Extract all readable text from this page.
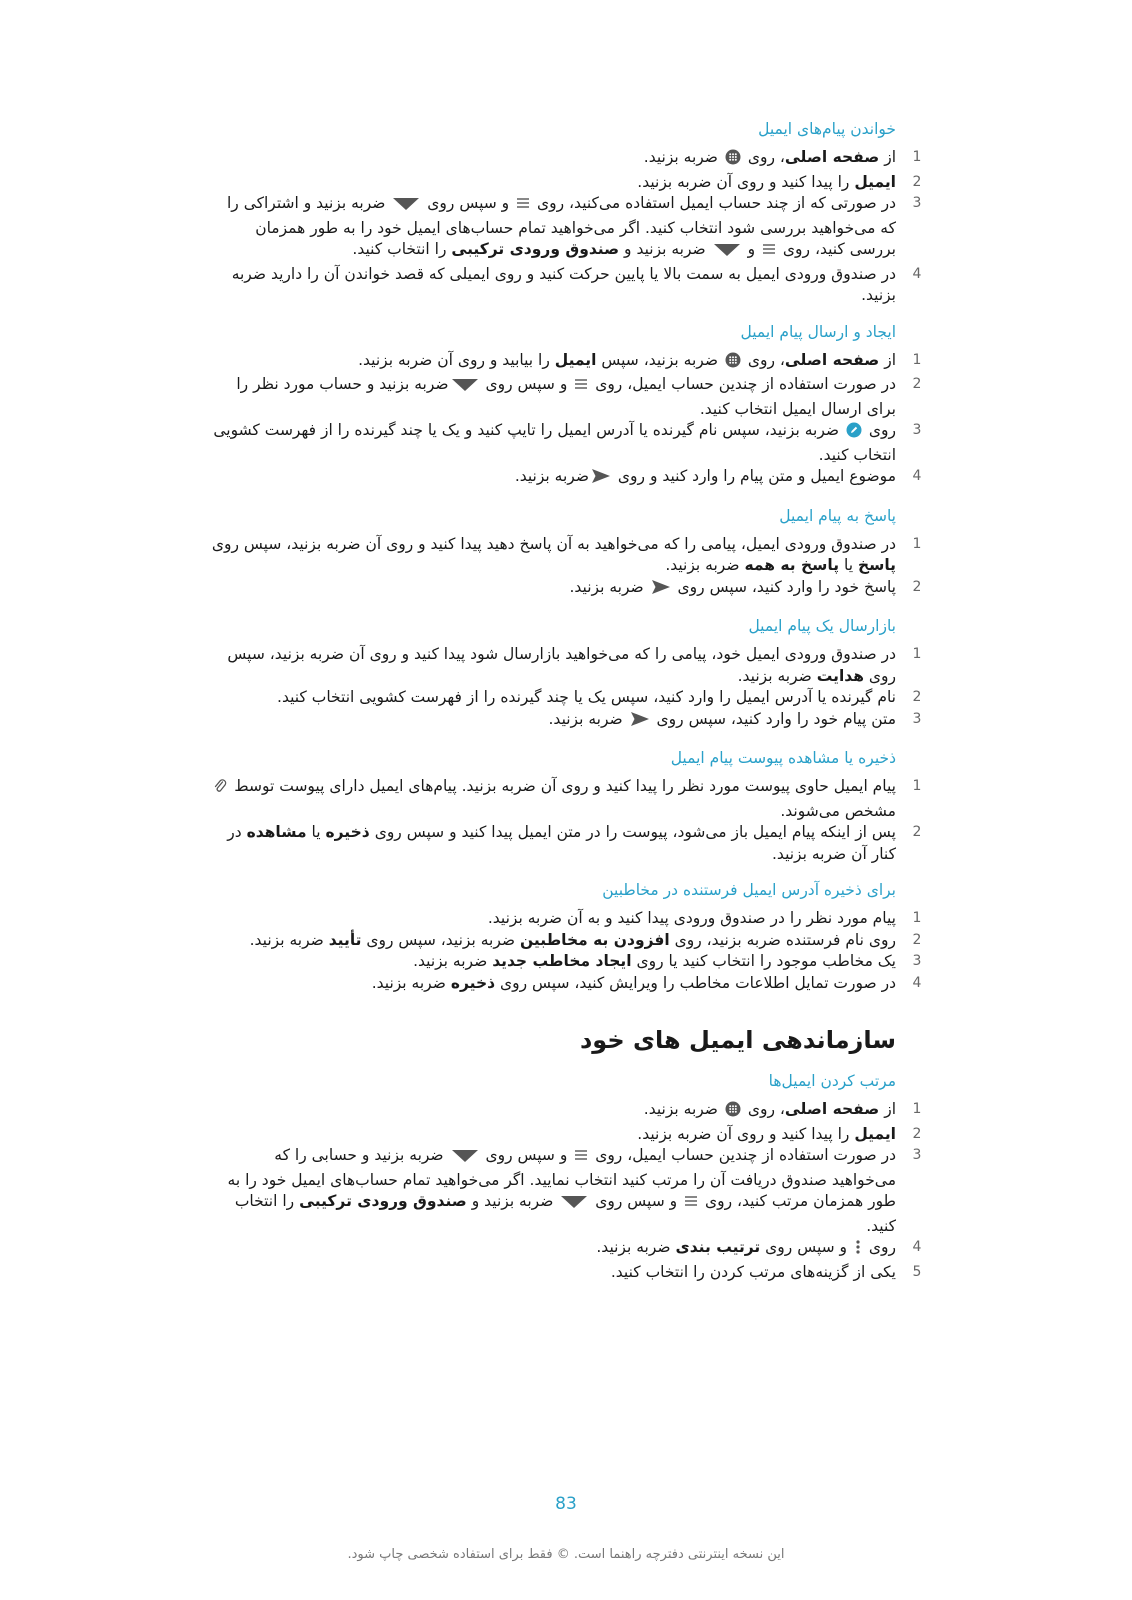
خواندن پیام‌های ایمیل
1
از صفحه اصلی، روی  ضربه بزنید.
2
ایمیل را پیدا کنید و روی آن ضربه بزنید.
3
در صورتی که از چند حساب ایمیل استفاده می‌کنید، روی  و سپس روی  ضربه بزنید و اشتراکی را که می‌خواهید بررسی شود انتخاب کنید. اگر می‌خواهید تمام حساب‌های ایمیل خود را به طور همزمان بررسی کنید، روی  و  ضربه بزنید و صندوق ورودی ترکیبی را انتخاب کنید.
4
در صندوق ورودی ایمیل به سمت بالا یا پایین حرکت کنید و روی ایمیلی که قصد خواندن آن را دارید ضربه بزنید.
ایجاد و ارسال پیام ایمیل
1
از صفحه اصلی، روی  ضربه بزنید، سپس ایمیل را بیابید و روی آن ضربه بزنید.
2
در صورت استفاده از چندین حساب ایمیل، روی  و سپس روی ضربه بزنید و حساب مورد نظر را برای ارسال ایمیل انتخاب کنید.
3
روی  ضربه بزنید، سپس نام گیرنده یا آدرس ایمیل را تایپ کنید و یک یا چند گیرنده را از فهرست کشویی انتخاب کنید.
4
موضوع ایمیل و متن پیام را وارد کنید و روی ضربه بزنید.
پاسخ به پیام ایمیل
1
در صندوق ورودی ایمیل، پیامی را که می‌خواهید به آن پاسخ دهید پیدا کنید و روی آن ضربه بزنید، سپس روی پاسخ یا پاسخ به همه ضربه بزنید.
2
پاسخ خود را وارد کنید، سپس روی  ضربه بزنید.
بازارسال یک پیام ایمیل
1
در صندوق ورودی ایمیل خود، پیامی را که می‌خواهید بازارسال شود پیدا کنید و روی آن ضربه بزنید، سپس روی هدایت ضربه بزنید.
2
نام گیرنده یا آدرس ایمیل را وارد کنید، سپس یک یا چند گیرنده را از فهرست کشویی انتخاب کنید.
3
متن پیام خود را وارد کنید، سپس روی  ضربه بزنید.
ذخیره یا مشاهده پیوست پیام ایمیل
1
پیام ایمیل حاوی پیوست مورد نظر را پیدا کنید و روی آن ضربه بزنید. پیام‌های ایمیل دارای پیوست توسط  مشخص می‌شوند.
2
پس از اینکه پیام ایمیل باز می‌شود، پیوست را در متن ایمیل پیدا کنید و سپس روی ذخیره یا مشاهده در کنار آن ضربه بزنید.
برای ذخیره آدرس ایمیل فرستنده در مخاطبین
1
پیام مورد نظر را در صندوق ورودی پیدا کنید و به آن ضربه بزنید.
2
روی نام فرستنده ضربه بزنید، روی افزودن به مخاطبین ضربه بزنید، سپس روی تأیید ضربه بزنید.
3
یک مخاطب موجود را انتخاب کنید یا روی ایجاد مخاطب جدید ضربه بزنید.
4
در صورت تمایل اطلاعات مخاطب را ویرایش کنید، سپس روی ذخیره ضربه بزنید.
سازماندهی ایمیل های خود
مرتب کردن ایمیل‌ها
1
از صفحه اصلی، روی  ضربه بزنید.
2
ایمیل را پیدا کنید و روی آن ضربه بزنید.
3
در صورت استفاده از چندین حساب ایمیل، روی  و سپس روی  ضربه بزنید و حسابی را که می‌خواهید صندوق دریافت آن را مرتب کنید انتخاب نمایید. اگر می‌خواهید تمام حساب‌های ایمیل خود را به طور همزمان مرتب کنید، روی  و سپس روی  ضربه بزنید و صندوق ورودی ترکیبی را انتخاب کنید.
4
روی  و سپس روی ترتیب بندی ضربه بزنید.
5
یکی از گزینه‌های مرتب کردن را انتخاب کنید.
83
این نسخه اینترنتی دفترچه راهنما است. © فقط برای استفاده شخصی چاپ شود.
